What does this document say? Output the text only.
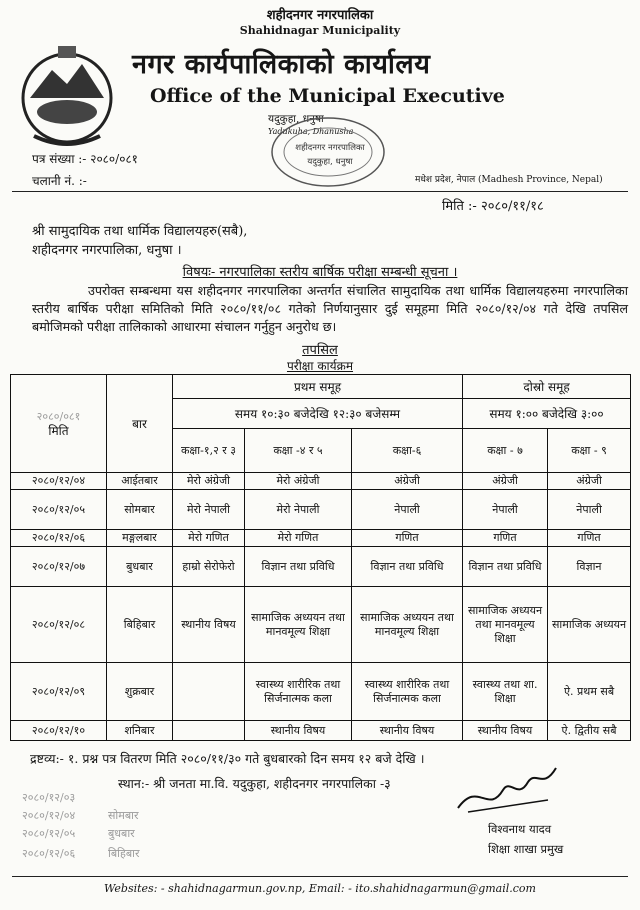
शहीदनगर नगरपालिका
Shahidnagar Municipality
नगर कार्यपालिकाको कार्यालय
Office of the Municipal Executive
यदुकुहा, धनुषा
Yadukuha, Dhanusha
शहीदनगर नगरपालिका
यदुकुहा, धनुषा
पत्र संख्या :- २०८०/०८१
चलानी नं. :-	मधेश प्रदेश, नेपाल (Madhesh Province, Nepal)
मिति :- २०८०/११/१८
श्री सामुदायिक तथा धार्मिक विद्यालयहरु(सबै),
शहीदनगर नगरपालिका, धनुषा ।
विषयः- नगरपालिका स्तरीय बार्षिक परीक्षा सम्बन्धी सूचना ।
उपरोक्त सम्बन्धमा यस शहीदनगर नगरपालिका अन्तर्गत संचालित सामुदायिक तथा धार्मिक विद्यालयहरुमा नगरपालिका स्तरीय बार्षिक परीक्षा समितिको मिति २०८०/११/०८ गतेको निर्णयानुसार दुई समूहमा मिति २०८०/१२/०४ गते देखि तपसिल बमोजिमको परीक्षा तालिकाको आधारमा संचालन गर्नुहुन अनुरोध छ।
तपसिल
परीक्षा कार्यक्रम
२०८०/०८१
मिति	बार	प्रथम समूह			दोस्रो समूह	
		समय १०:३० बजेदेखि १२:३० बजेसम्म			समय १:०० बजेदेखि ३:००	
		कक्षा-१,२ र ३	कक्षा -४ र ५	कक्षा-६	कक्षा - ७	कक्षा - ९
२०८०/१२/०४	आईतबार	मेरो अंग्रेजी	मेरो अंग्रेजी	अंग्रेजी	अंग्रेजी	अंग्रेजी
२०८०/१२/०५	सोमबार	मेरो नेपाली	मेरो नेपाली	नेपाली	नेपाली	नेपाली
२०८०/१२/०६	मङ्गलबार	मेरो गणित	मेरो गणित	गणित	गणित	गणित
२०८०/१२/०७	बुधबार	हाम्रो सेरोफेरो	विज्ञान तथा प्रविधि	विज्ञान तथा प्रविधि	विज्ञान तथा प्रविधि	विज्ञान
२०८०/१२/०८	बिहिबार	स्थानीय विषय	सामाजिक अध्ययन तथा मानवमूल्य शिक्षा	सामाजिक अध्ययन तथा मानवमूल्य शिक्षा	सामाजिक अध्ययन तथा मानवमूल्य शिक्षा	सामाजिक अध्ययन
२०८०/१२/०९	शुक्रबार		स्वास्थ्य शारीरिक तथा सिर्जनात्मक कला	स्वास्थ्य शारीरिक तथा सिर्जनात्मक कला	स्वास्थ्य तथा शा. शिक्षा	ऐ. प्रथम सबै
२०८०/१२/१०	शनिबार		स्थानीय विषय	स्थानीय विषय	स्थानीय विषय	ऐ. द्वितीय सबै
द्रष्टव्य:- १. प्रश्न पत्र वितरण मिति २०८०/११/३० गते बुधबारको दिन समय १२ बजे देखि ।
स्थान:- श्री जनता मा.वि. यदुकुहा, शहीदनगर नगरपालिका -३
२०८०/१२/०३
२०८०/१२/०४	सोमबार
२०८०/१२/०५	बुधबार
२०८०/१२/०६	बिहिबार
विश्वनाथ यादव
शिक्षा शाखा प्रमुख
Websites: - shahidnagarmun.gov.np, Email: - ito.shahidnagarmun@gmail.com
